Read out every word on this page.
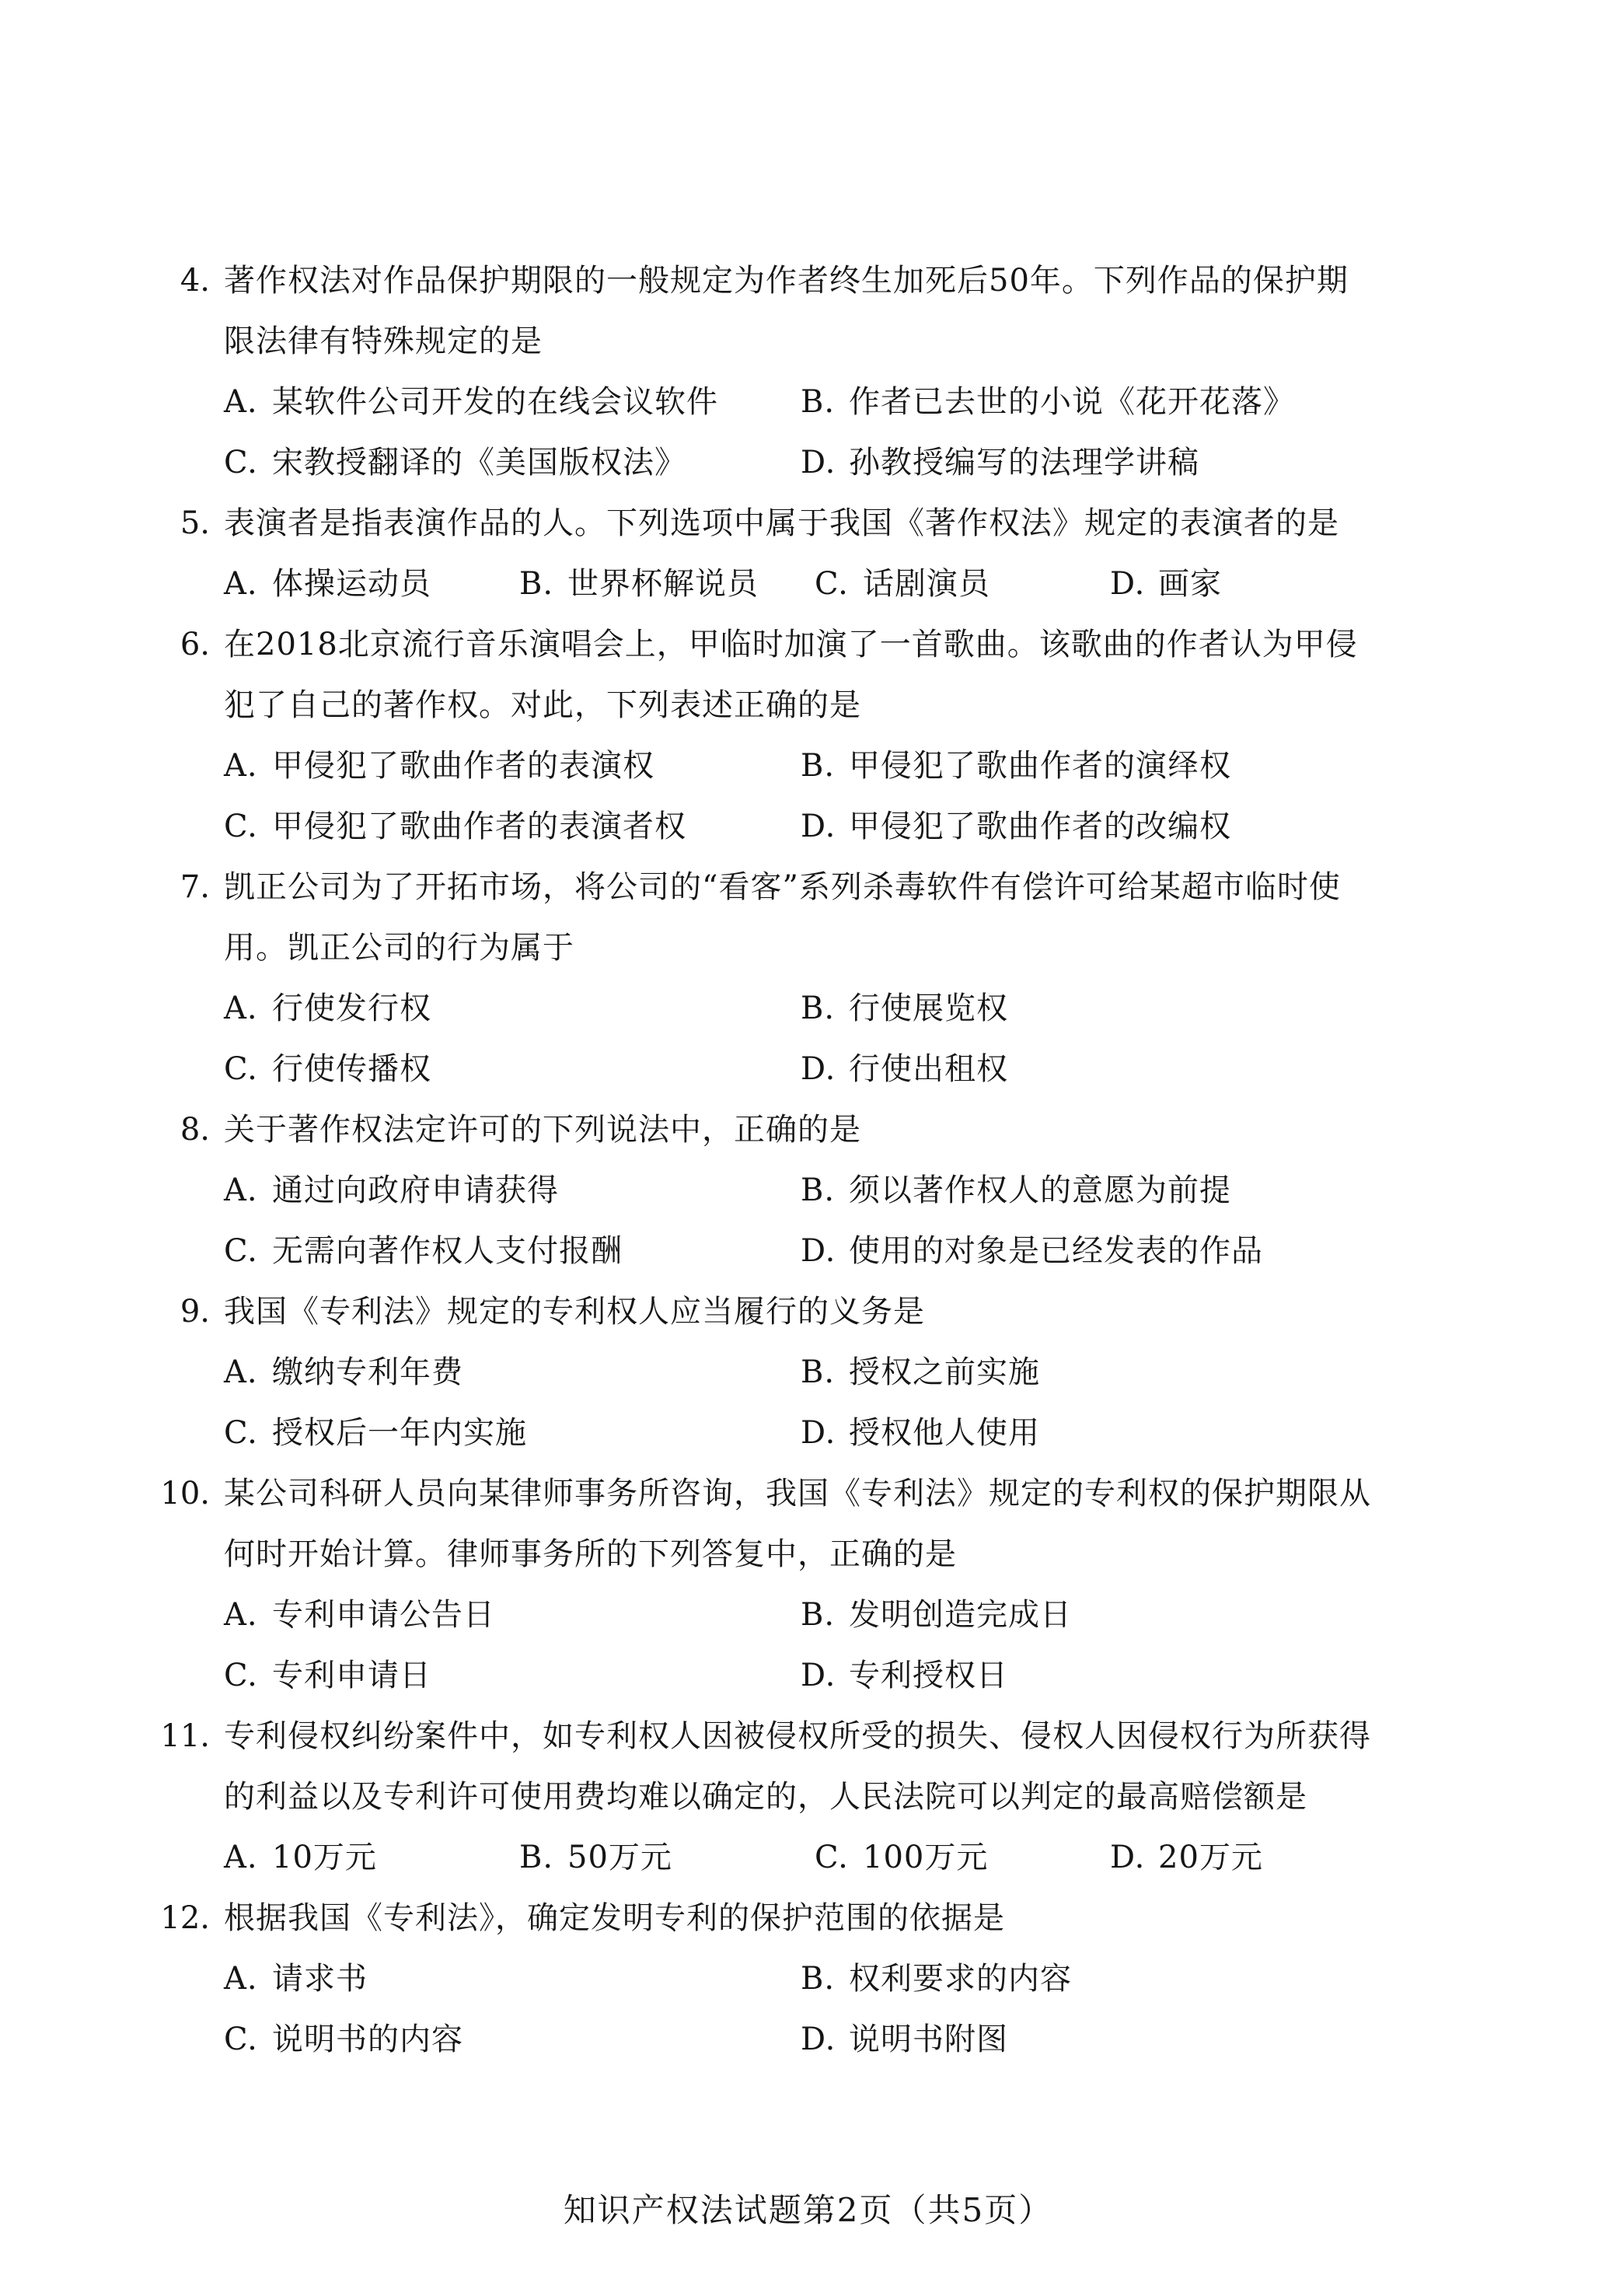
4. 著作权法对作品保护期限的一般规定为作者终生加死后50年。下列作品的保护期限法律有特殊规定的是
A. 某软件公司开发的在线会议软件	B. 作者已去世的小说《花开花落》
C. 宋教授翻译的《美国版权法》	D. 孙教授编写的法理学讲稿
5. 表演者是指表演作品的人。下列选项中属于我国《著作权法》规定的表演者的是
A. 体操运动员	B. 世界杯解说员 C. 话剧演员	D. 画家
6. 在2018北京流行音乐演唱会上，甲临时加演了一首歌曲。该歌曲的作者认为甲侵犯了自己的著作权。对此，下列表述正确的是
A. 甲侵犯了歌曲作者的表演权	B. 甲侵犯了歌曲作者的演绎权
C. 甲侵犯了歌曲作者的表演者权	D. 甲侵犯了歌曲作者的改编权
7. 凯正公司为了开拓市场，将公司的“看客”系列杀毒软件有偿许可给某超市临时使用。凯正公司的行为属于
A. 行使发行权	B. 行使展览权
C. 行使传播权	D. 行使出租权
8. 关于著作权法定许可的下列说法中，正确的是
A. 通过向政府申请获得	B. 须以著作权人的意愿为前提
C. 无需向著作权人支付报酬	D. 使用的对象是已经发表的作品
9. 我国《专利法》规定的专利权人应当履行的义务是
A. 缴纳专利年费	B. 授权之前实施
C. 授权后一年内实施	D. 授权他人使用
10. 某公司科研人员向某律师事务所咨询，我国《专利法》规定的专利权的保护期限从何时开始计算。律师事务所的下列答复中，正确的是
A. 专利申请公告日	B. 发明创造完成日
C. 专利申请日	D. 专利授权日
11. 专利侵权纠纷案件中，如专利权人因被侵权所受的损失、侵权人因侵权行为所获得的利益以及专利许可使用费均难以确定的，人民法院可以判定的最高赔偿额是
A. 10万元	B. 50万元	C. 100万元	D. 20万元
12. 根据我国《专利法》，确定发明专利的保护范围的依据是
A. 请求书	B. 权利要求的内容
C. 说明书的内容	D. 说明书附图
知识产权法试题第2页（共5页）
